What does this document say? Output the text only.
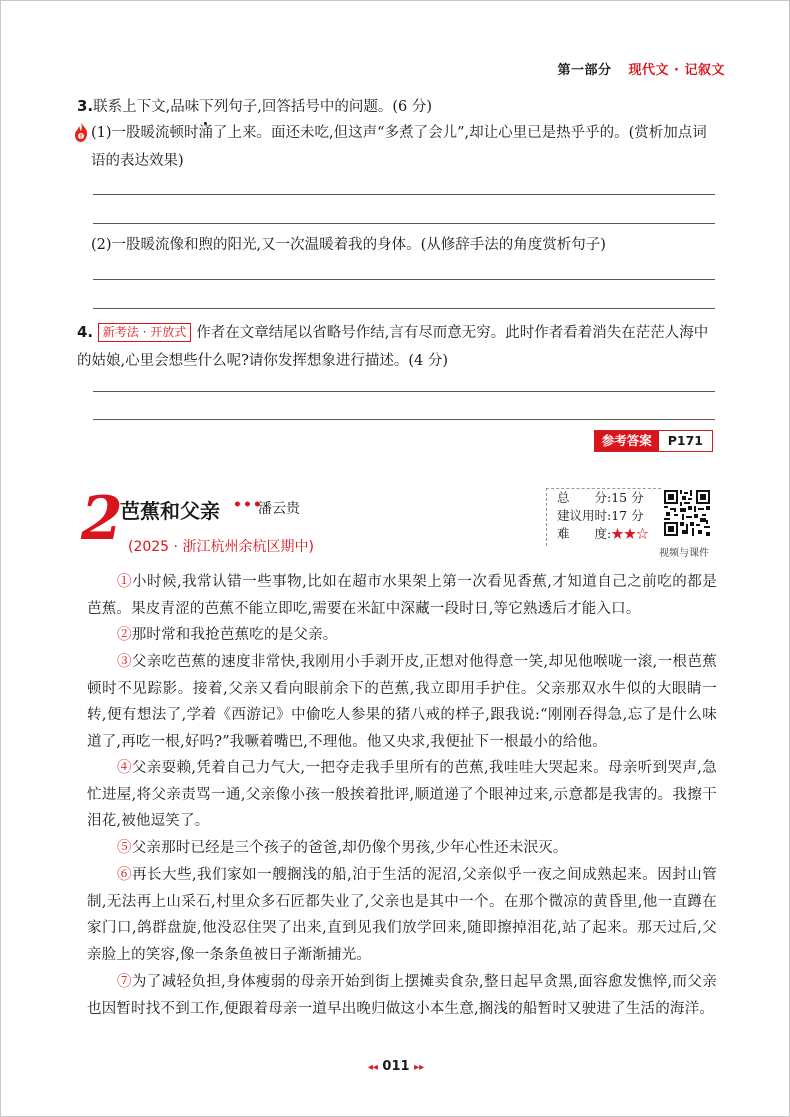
第一部分 现代文 · 记叙文
3.联系上下文,品味下列句子,回答括号中的问题。(6 分)
! (1)一股暖流顿时涌了上来。面还未吃,但这声“多煮了会儿”,却让心里已是热乎乎的。(赏析加点词语的表达效果)
(2)一股暖流像和煦的阳光,又一次温暖着我的身体。(从修辞手法的角度赏析句子)
4. 新考法 · 开放式 作者在文章结尾以省略号作结,言有尽而意无穷。此时作者看着消失在茫茫人海中的姑娘,心里会想些什么呢?请你发挥想象进行描述。(4 分)
参考答案	P171
2
芭蕉和父亲 •••
潘云贵
(2025 · 浙江杭州余杭区期中)
总　　分:15 分
建议用时:17 分
难　　度:★★☆
视频与课件
①小时候,我常认错一些事物,比如在超市水果架上第一次看见香蕉,才知道自己之前吃的都是芭蕉。果皮青涩的芭蕉不能立即吃,需要在米缸中深藏一段时日,等它熟透后才能入口。
②那时常和我抢芭蕉吃的是父亲。
③父亲吃芭蕉的速度非常快,我刚用小手剥开皮,正想对他得意一笑,却见他喉咙一滚,一根芭蕉顿时不见踪影。接着,父亲又看向眼前余下的芭蕉,我立即用手护住。父亲那双水牛似的大眼睛一转,便有想法了,学着《西游记》中偷吃人参果的猪八戒的样子,跟我说:“刚刚吞得急,忘了是什么味道了,再吃一根,好吗?”我噘着嘴巴,不理他。他又央求,我便扯下一根最小的给他。
④父亲耍赖,凭着自己力气大,一把夺走我手里所有的芭蕉,我哇哇大哭起来。母亲听到哭声,急忙进屋,将父亲责骂一通,父亲像小孩一般挨着批评,顺道递了个眼神过来,示意都是我害的。我擦干泪花,被他逗笑了。
⑤父亲那时已经是三个孩子的爸爸,却仍像个男孩,少年心性还未泯灭。
⑥再长大些,我们家如一艘搁浅的船,泊于生活的泥沼,父亲似乎一夜之间成熟起来。因封山管制,无法再上山采石,村里众多石匠都失业了,父亲也是其中一个。在那个微凉的黄昏里,他一直蹲在家门口,鸽群盘旋,他没忍住哭了出来,直到见我们放学回来,随即擦掉泪花,站了起来。那天过后,父亲脸上的笑容,像一条条鱼被日子渐渐捕光。
⑦为了减轻负担,身体瘦弱的母亲开始到街上摆摊卖食杂,整日起早贪黑,面容愈发憔悴,而父亲也因暂时找不到工作,便跟着母亲一道早出晚归做这小本生意,搁浅的船暂时又驶进了生活的海洋。
◂◂ 011 ▸▸
